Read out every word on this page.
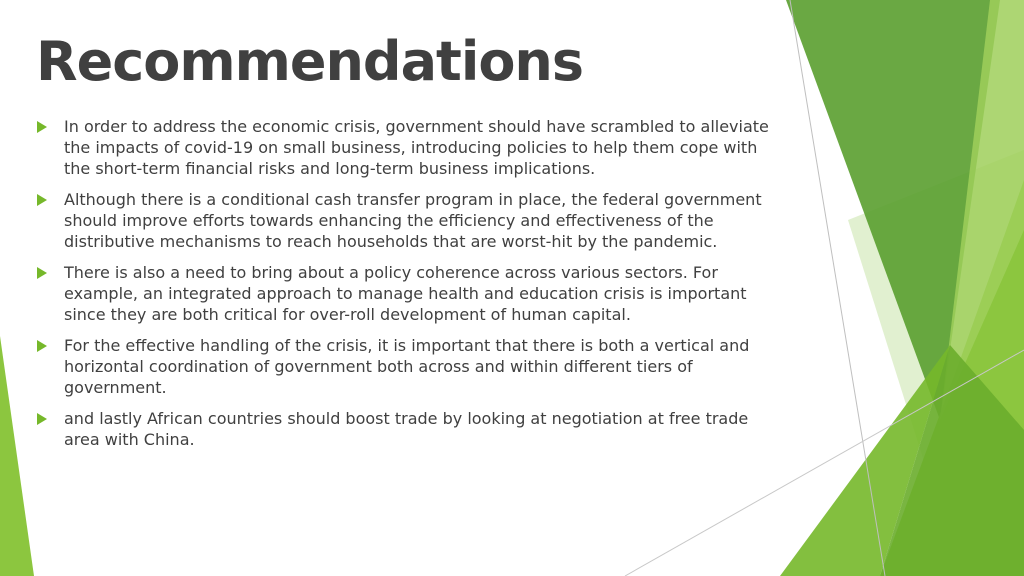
Recommendations
In order to address the economic crisis, government should have scrambled to alleviate the impacts of covid-19 on small business, introducing policies to help them cope with the short-term financial risks and long-term business implications.
Although there is a conditional cash transfer program in place, the federal government should improve efforts towards enhancing the efficiency and effectiveness of the distributive mechanisms to reach households that are worst-hit by the pandemic.
There is also a need to bring about a policy coherence across various sectors. For example, an integrated approach to manage health and education crisis is important since they are both critical for over-roll development of human capital.
For the effective handling of the crisis, it is important that there is both a vertical and horizontal coordination of government both across and within different tiers of government.
and lastly African countries should boost trade by looking at negotiation at free trade area with China.
